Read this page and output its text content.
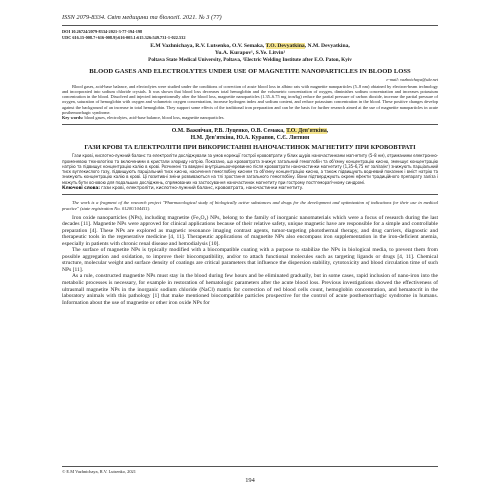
ISSN 2079-8334. Світ медицини та біології. 2021. № 3 (77)
DOI 10.26724/2079-8334-2021-3-77-194-198
UDC 616.15-008.7+616-008.9]:616-005.1:615.326:549.731-1-022.532
E.M Vazhnichaya, R.V. Lutsenko, O.V. Semaka, T.O. Devyatkina, N.M. Devyatkina,
Yu.A. Kurapov¹, S.Ye. Litvin¹
Poltava State Medical University, Poltava, ¹Electric Welding Institute after E.O. Paton, Kyiv
BLOOD GASES AND ELECTROLYTES UNDER USE OF MAGNETITE NANOPARTICLES IN BLOOD LOSS
e-mail: vazhnichaya@ukr.net

Blood gases, acid-base balance, and electrolytes were studied under the conditions of correction of acute blood loss in albino rats with magnetite nanoparticles (5–8 nm) obtained by electron-beam technology and incorporated into sodium chloride crystals. It was shown that blood loss decreases total hemoglobin and the volumetric concentration of oxygen, diminishes sodium concentration and increases potassium concentration in the blood. Dissolved and injected intraperitoneally after the blood loss, magnetite nanoparticles (1.35–6.75 mg iron/kg) reduce the partial pressure of carbon dioxide, increase the partial pressure of oxygen, saturation of hemoglobin with oxygen and volumetric oxygen concentration, increase hydrogen index and sodium content, and reduce potassium concentration in the blood. These positive changes develop against the background of an increase in total hemoglobin. They support some effects of the traditional iron preparation and can be the basis for further research aimed at the use of magnetite nanoparticles in acute posthemorrhagic syndrome.

Key words: blood gases, electrolytes, acid-base balance, blood loss, magnetite nanoparticles.

О.М. Важнічая, Р.В. Луценко, О.В. Семака, Т.О. Дев'яткіна,
Н.М. Дев'яткіна, Ю.А. Курапов, С.Є. Литвин
ГАЗИ КРОВІ ТА ЕЛЕКТРОЛІТИ ПРИ ВИКОРИСТАННІ НАНОЧАСТИНОК МАГНЕТИТУ ПРИ КРОВОВТРАТІ

Гази крові, кислотно-лужний баланс та електроліти досліджували за умов корекції гострої крововтрати у білих щурів наночастинками магнетиту (5–8 нм), отриманими електронно-променевою технологією та включеними в кристали хлориду натрію. Показано, що крововтрата знижує загальний гемоглобін та об'ємну концентрацію кисню, зменшує концентрацію натрію та підвищує концентрацію калію в крові. Розчинені та введені внутрішньоочеревинно після крововтрати наночастинки магнетиту (1,35–6,75 мг заліза/кг) знижують парціальний тиск вуглекислого газу, підвищують парціальний тиск кисню, насичення гемоглобіну киснем та об'ємну концентрацію кисню, а також підвищують водневий показник і вміст натрію та знижують концентрацію калію в крові. Ці позитивні зміни розвиваються на тлі зростання загального гемоглобіну. Вони підтверджують окремі ефекти традиційного препарату заліза і можуть бути основою для подальших досліджень, спрямованих на застосування наночастинок магнетиту при гострому постгеморагічному синдромі.

Ключові слова: гази крові, електроліти, кислотно-лужний баланс, крововтрата, наночастинки магнетиту.

The work is a fragment of the research project "Pharmacological study of biologically active substances and drugs for the development and optimization of indications for their use in medical practice" (state registration No. 0120U104411).

Iron oxide nanoparticles (NPs), including magnetite (Fe₃O₄) NPs, belong to the family of inorganic nanomaterials which were a focus of research during the last decades [11]. Magnetite NPs were approved for clinical applications because of their relative safety, unique magnetic have are responsible for a simple and controllable preparation [4]. These NPs are explored as magnetic resonance imaging contrast agents, tumor-targeting photothermal therapy, and drug carriers, diagnostic and therapeutic tools in the regenerative medicine [4, 11]. Therapeutic applications of magnetite NPs also encompass iron supplementation in the iron-deficient anemia, especially in patients with chronic renal disease and hemodialysis [10].

The surface of magnetite NPs is typically modified with a biocompatible coating with a purpose to stabilize the NPs in biological media, to prevent them from possible aggregation and oxidation, to improve their biocompatibility, and/or to attach functional molecules such as targeting ligands or drugs [4, 11]. Chemical structure, molecular weight and surface density of coatings are critical parameters that influence the dispersion stability, cytotoxicity and blood circulation time of such NPs [11].

As a rule, constructed magnetite NPs must stay in the blood during few hours and be eliminated gradually, but in some cases, rapid inclusion of nano-iron into the metabolic processes is necessary, for example in restoration of hematologic parameters after the acute blood loss. Previous investigations showed the effectiveness of ultrasmall magnetite NPs in the inorganic sodium chloride (NaCl) matrix for correction of red blood cells count, hemoglobin concentration, and hematocrit in the laboratory animals with this pathology [1] that make mentioned biocompatible particles prospective for the control of acute posthemorrhagic syndrome in humans. Information about the use of magnetite or other iron oxide NPs for

© E.M Vazhnichaya, R.V. Lutsenko, 2021
194
